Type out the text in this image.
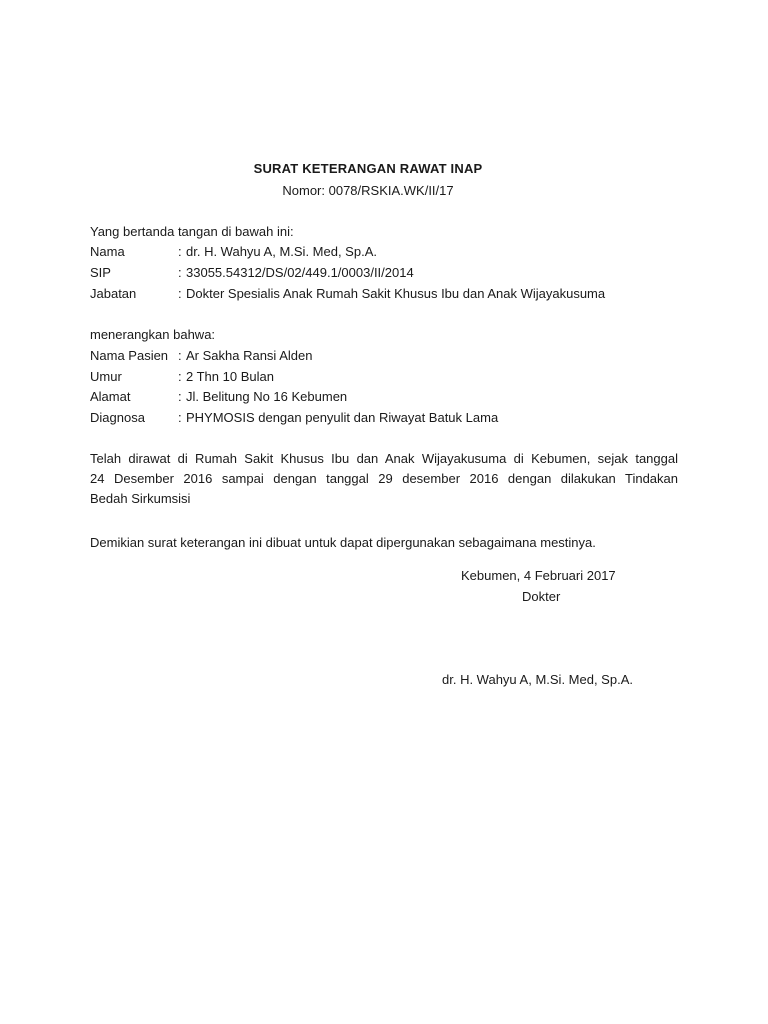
SURAT KETERANGAN RAWAT INAP
Nomor: 0078/RSKIA.WK/II/17
Yang bertanda tangan di bawah ini:
Nama	: dr. H. Wahyu A, M.Si. Med, Sp.A.
SIP	: 33055.54312/DS/02/449.1/0003/II/2014
Jabatan	: Dokter Spesialis Anak Rumah Sakit Khusus Ibu dan Anak Wijayakusuma
menerangkan bahwa:
Nama Pasien : Ar Sakha Ransi Alden
Umur	: 2 Thn 10 Bulan
Alamat	: Jl. Belitung No 16 Kebumen
Diagnosa	: PHYMOSIS dengan penyulit dan Riwayat Batuk Lama
Telah dirawat di Rumah Sakit Khusus Ibu dan Anak Wijayakusuma di Kebumen, sejak tanggal
24 Desember 2016 sampai dengan tanggal 29 desember 2016 dengan dilakukan Tindakan
Bedah Sirkumsisi
Demikian surat keterangan ini dibuat untuk dapat dipergunakan sebagaimana mestinya.
Kebumen, 4 Februari 2017
Dokter
dr. H. Wahyu A, M.Si. Med, Sp.A.
